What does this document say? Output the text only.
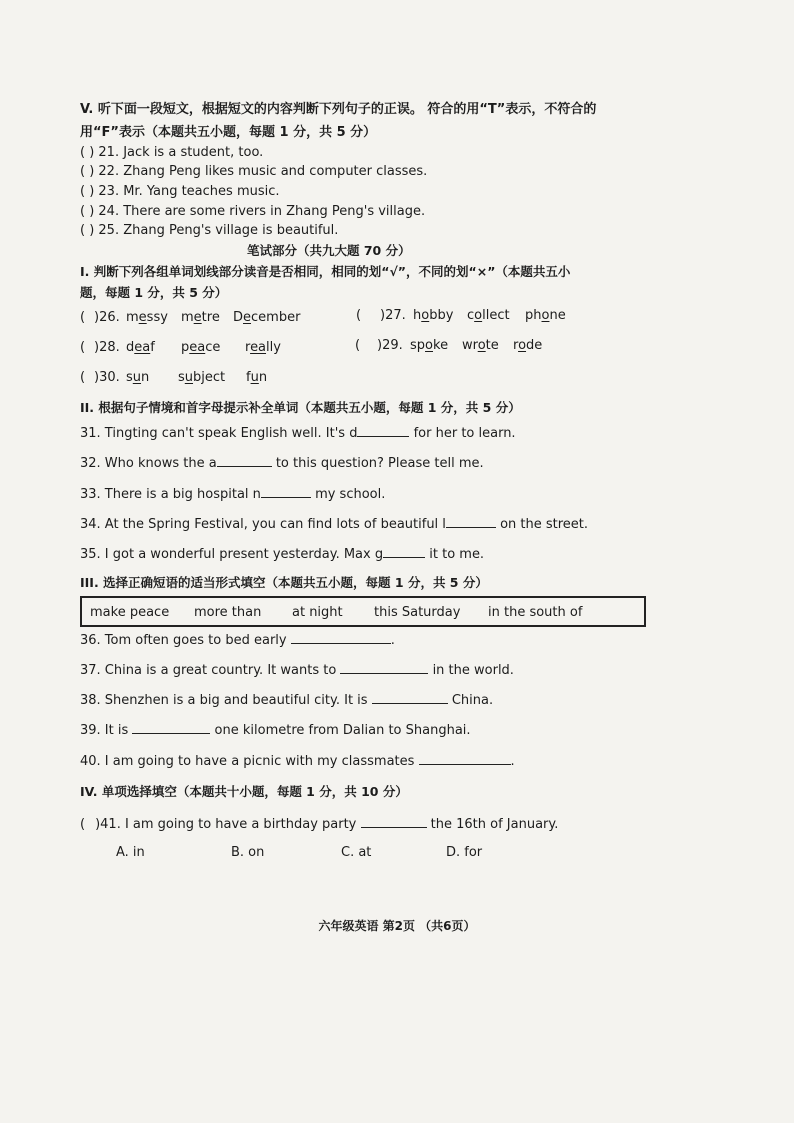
V. 听下面一段短文，根据短文的内容判断下列句子的正误。 符合的用“T”表示，不符合的
用“F”表示（本题共五小题，每题 1 分，共 5 分）
( ) 21. Jack is a student, too.
( ) 22. Zhang Peng likes music and computer classes.
( ) 23. Mr. Yang teaches music.
( ) 24. There are some rivers in Zhang Peng's village.
( ) 25. Zhang Peng's village is beautiful.
笔试部分（共九大题 70 分）
I. 判断下列各组单词划线部分读音是否相同，相同的划“√”，不同的划“×”（本题共五小
题，每题 1 分，共 5 分）
( )26. messy metre December	( )27. hobby collect phone
( )28. deaf peace really	( )29. spoke wrote rode
( )30. sun subject fun
II. 根据句子情境和首字母提示补全单词（本题共五小题，每题 1 分，共 5 分）
31. Tingting can't speak English well. It's d	for her to learn.
32. Who knows the a	to this question? Please tell me.
33. There is a big hospital n	my school.
34. At the Spring Festival, you can find lots of beautiful l	on the street.
35. I got a wonderful present yesterday. Max g	it to me.
III. 选择正确短语的适当形式填空（本题共五小题，每题 1 分，共 5 分）
make peace more than at night this Saturday in the south of
36. Tom often goes to bed early	.
37. China is a great country. It wants to	in the world.
38. Shenzhen is a big and beautiful city. It is	China.
39. It is	one kilometre from Dalian to Shanghai.
40. I am going to have a picnic with my classmates	.
IV. 单项选择填空（本题共十小题，每题 1 分，共 10 分）
( )41. I am going to have a birthday party	the 16th of January.
A. in	B. on	C. at	D. for
六年级英语 第2页 （共6页）
